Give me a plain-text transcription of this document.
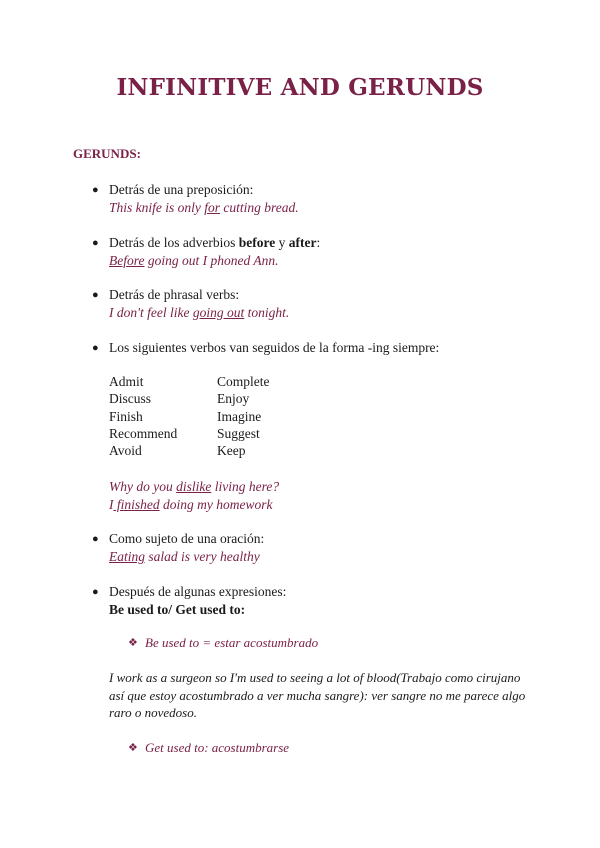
INFINITIVE AND GERUNDS
GERUNDS:
● Detrás de una preposición:
This knife is only for cutting bread.
● Detrás de los adverbios before y after:
Before going out I phoned Ann.
● Detrás de phrasal verbs:
I don't feel like going out tonight.
● Los siguientes verbos van seguidos de la forma -ing siempre:
Admit	Complete
Discuss	Enjoy
Finish	Imagine
Recommend	Suggest
Avoid	Keep
Why do you dislike living here?
I finished doing my homework
● Como sujeto de una oración:
Eating salad is very healthy
● Después de algunas expresiones:
Be used to/ Get used to:
❖ Be used to = estar acostumbrado
I work as a surgeon so I'm used to seeing a lot of blood(Trabajo como cirujano así que estoy acostumbrado a ver mucha sangre): ver sangre no me parece algo raro o novedoso.
❖ Get used to: acostumbrarse
